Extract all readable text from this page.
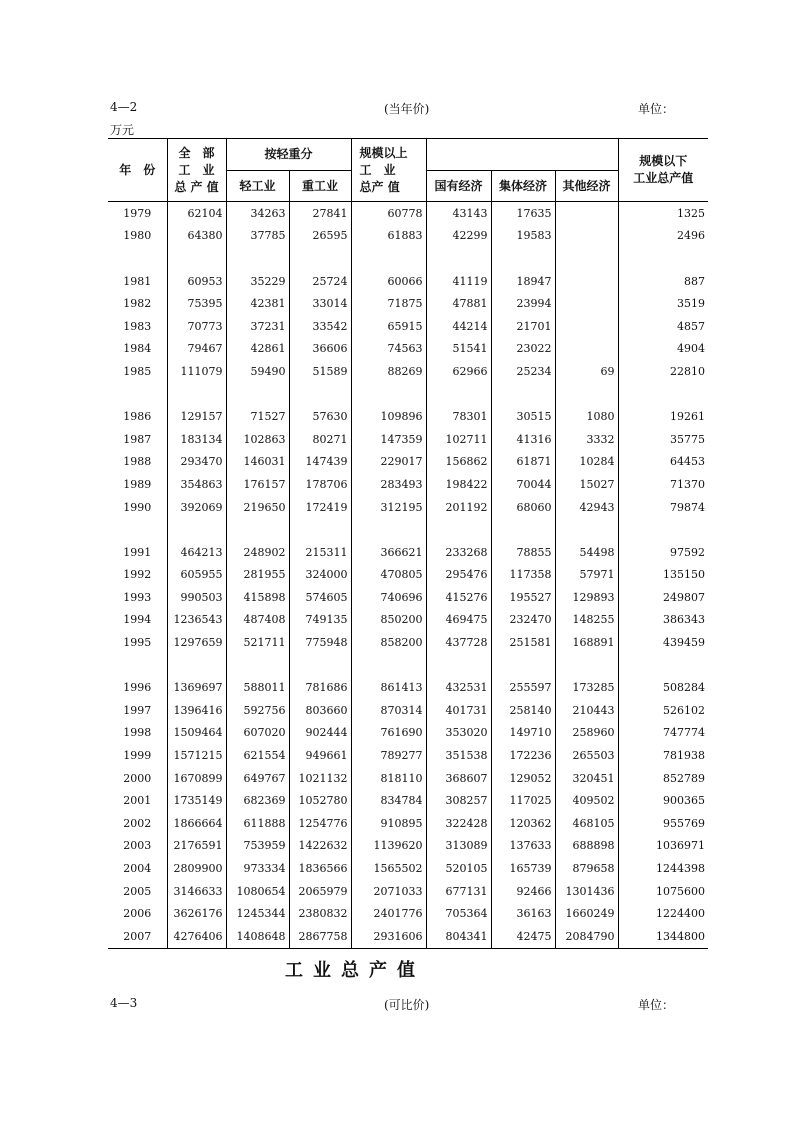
4—2	(当年价)	单位：
万元
年　份	全　部
工　业
总 产 值	按轻重分		规模以上
工　业
总产 值				规模以下
工业总产值

		轻工业	重工业		国有经济	集体经济	其他经济	
1979	62104	34263	27841	60778	43143	17635		1325
1980	64380	37785	26595	61883	42299	19583		2496

1981	60953	35229	25724	60066	41119	18947		887
1982	75395	42381	33014	71875	47881	23994		3519
1983	70773	37231	33542	65915	44214	21701		4857
1984	79467	42861	36606	74563	51541	23022		4904
1985	111079	59490	51589	88269	62966	25234	69	22810

1986	129157	71527	57630	109896	78301	30515	1080	19261
1987	183134	102863	80271	147359	102711	41316	3332	35775
1988	293470	146031	147439	229017	156862	61871	10284	64453
1989	354863	176157	178706	283493	198422	70044	15027	71370
1990	392069	219650	172419	312195	201192	68060	42943	79874

1991	464213	248902	215311	366621	233268	78855	54498	97592
1992	605955	281955	324000	470805	295476	117358	57971	135150
1993	990503	415898	574605	740696	415276	195527	129893	249807
1994	1236543	487408	749135	850200	469475	232470	148255	386343
1995	1297659	521711	775948	858200	437728	251581	168891	439459

1996	1369697	588011	781686	861413	432531	255597	173285	508284
1997	1396416	592756	803660	870314	401731	258140	210443	526102
1998	1509464	607020	902444	761690	353020	149710	258960	747774
1999	1571215	621554	949661	789277	351538	172236	265503	781938
2000	1670899	649767	1021132	818110	368607	129052	320451	852789
2001	1735149	682369	1052780	834784	308257	117025	409502	900365
2002	1866664	611888	1254776	910895	322428	120362	468105	955769
2003	2176591	753959	1422632	1139620	313089	137633	688898	1036971
2004	2809900	973334	1836566	1565502	520105	165739	879658	1244398
2005	3146633	1080654	2065979	2071033	677131	92466	1301436	1075600
2006	3626176	1245344	2380832	2401776	705364	36163	1660249	1224400
2007	4276406	1408648	2867758	2931606	804341	42475	2084790	1344800
工业总产值
4—3	(可比价)	单位：
